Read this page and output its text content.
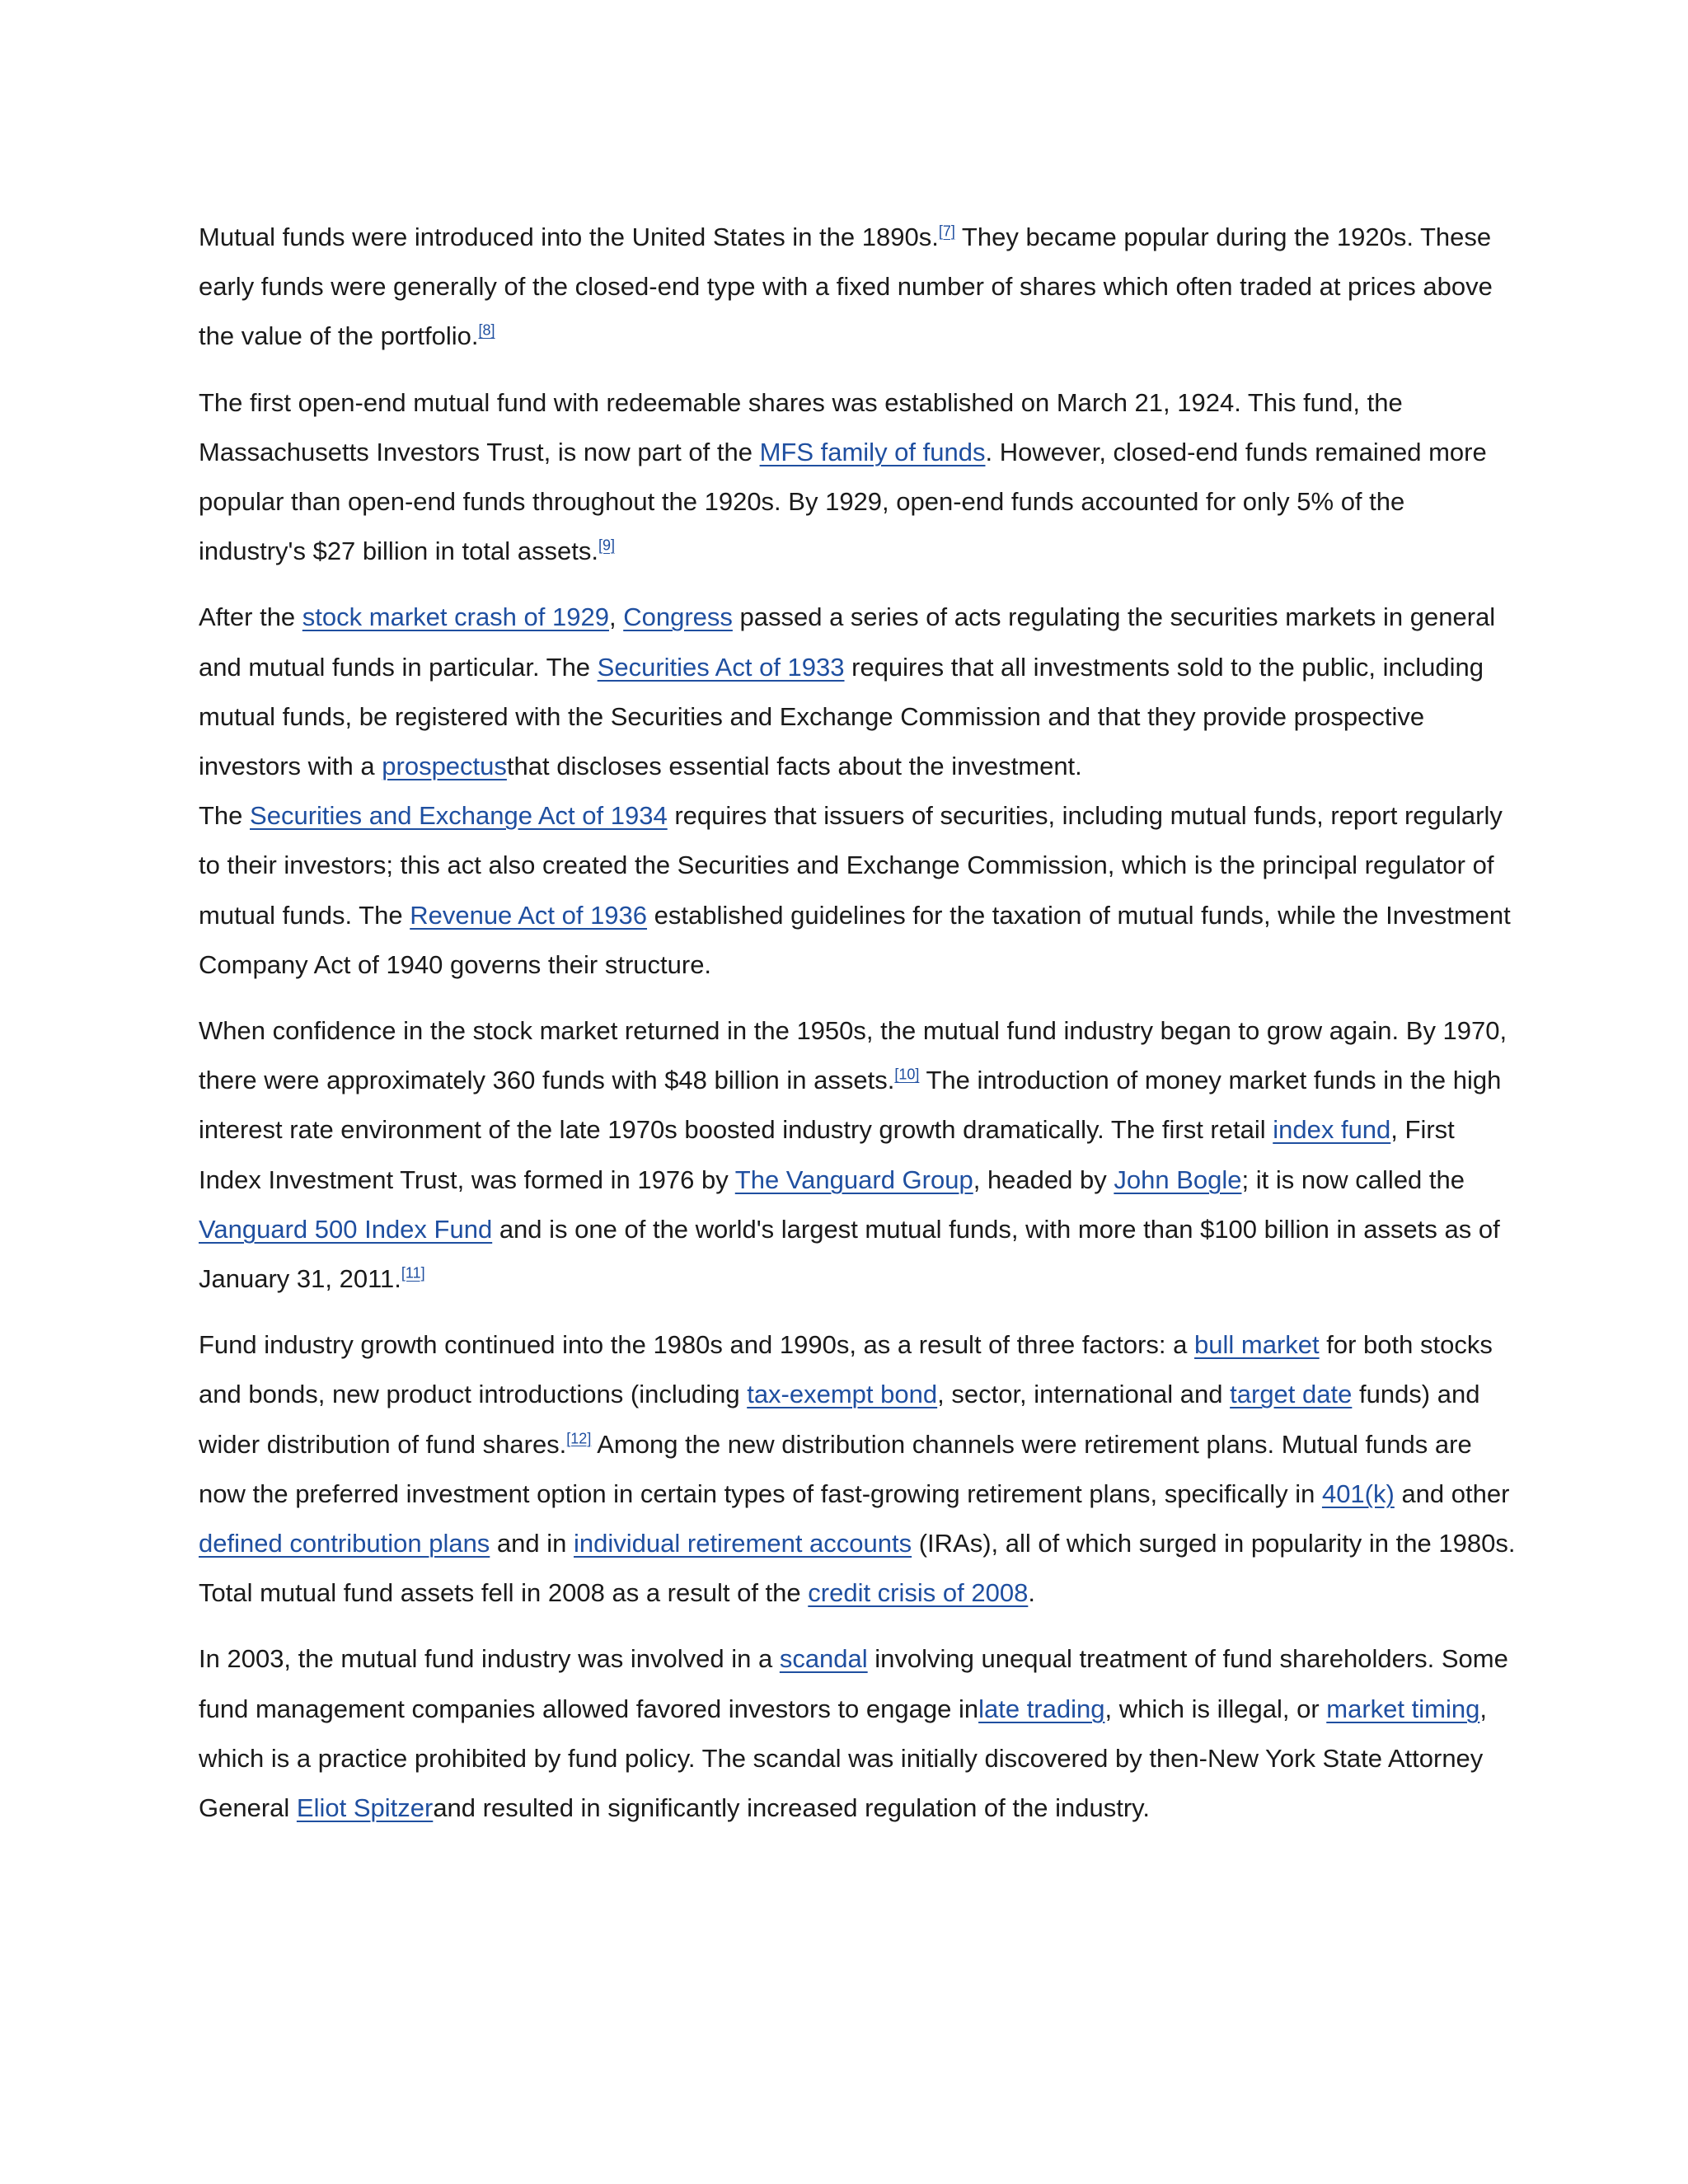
Mutual funds were introduced into the United States in the 1890s.[7] They became popular during the 1920s. These early funds were generally of the closed-end type with a fixed number of shares which often traded at prices above the value of the portfolio.[8]

The first open-end mutual fund with redeemable shares was established on March 21, 1924. This fund, the Massachusetts Investors Trust, is now part of the MFS family of funds. However, closed-end funds remained more popular than open-end funds throughout the 1920s. By 1929, open-end funds accounted for only 5% of the industry's $27 billion in total assets.[9]

After the stock market crash of 1929, Congress passed a series of acts regulating the securities markets in general and mutual funds in particular. The Securities Act of 1933 requires that all investments sold to the public, including mutual funds, be registered with the Securities and Exchange Commission and that they provide prospective investors with a prospectusthat discloses essential facts about the investment.
The Securities and Exchange Act of 1934 requires that issuers of securities, including mutual funds, report regularly to their investors; this act also created the Securities and Exchange Commission, which is the principal regulator of mutual funds. The Revenue Act of 1936 established guidelines for the taxation of mutual funds, while the Investment Company Act of 1940 governs their structure.

When confidence in the stock market returned in the 1950s, the mutual fund industry began to grow again. By 1970, there were approximately 360 funds with $48 billion in assets.[10] The introduction of money market funds in the high interest rate environment of the late 1970s boosted industry growth dramatically. The first retail index fund, First Index Investment Trust, was formed in 1976 by The Vanguard Group, headed by John Bogle; it is now called the Vanguard 500 Index Fund and is one of the world's largest mutual funds, with more than $100 billion in assets as of January 31, 2011.[11]

Fund industry growth continued into the 1980s and 1990s, as a result of three factors: a bull market for both stocks and bonds, new product introductions (including tax-exempt bond, sector, international and target date funds) and wider distribution of fund shares.[12] Among the new distribution channels were retirement plans. Mutual funds are now the preferred investment option in certain types of fast-growing retirement plans, specifically in 401(k) and other defined contribution plans and in individual retirement accounts (IRAs), all of which surged in popularity in the 1980s. Total mutual fund assets fell in 2008 as a result of the credit crisis of 2008.

In 2003, the mutual fund industry was involved in a scandal involving unequal treatment of fund shareholders. Some fund management companies allowed favored investors to engage inlate trading, which is illegal, or market timing, which is a practice prohibited by fund policy. The scandal was initially discovered by then-New York State Attorney General Eliot Spitzerand resulted in significantly increased regulation of the industry.
